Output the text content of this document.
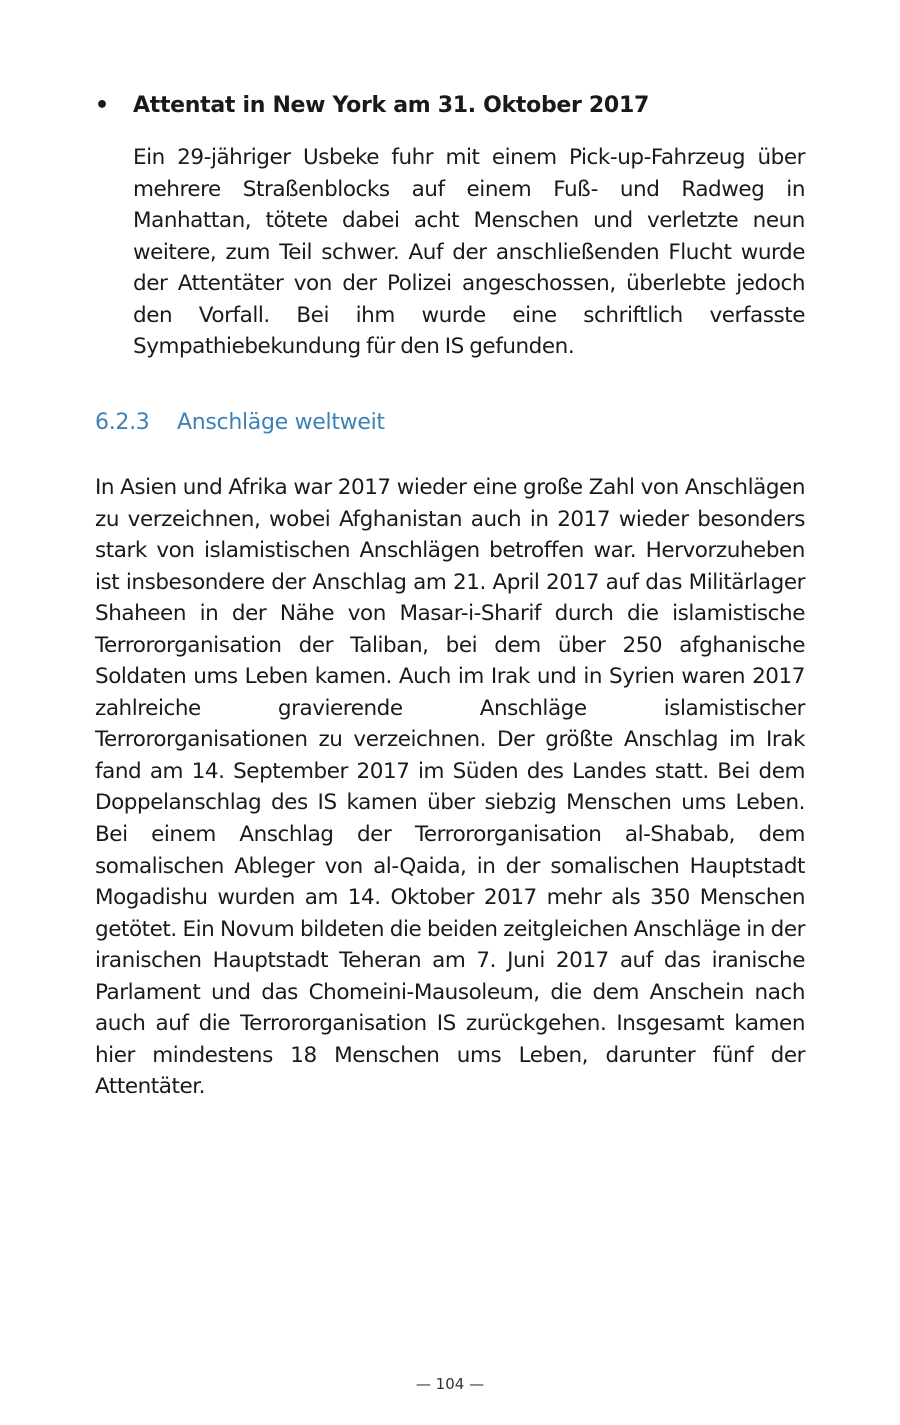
• Attentat in New York am 31. Oktober 2017
Ein 29-jähriger Usbeke fuhr mit einem Pick-up-Fahrzeug über mehrere Straßenblocks auf einem Fuß- und Radweg in Manhattan, tötete dabei acht Menschen und verletzte neun weitere, zum Teil schwer. Auf der anschließenden Flucht wurde der Attentäter von der Polizei angeschossen, überlebte jedoch den Vorfall. Bei ihm wurde eine schriftlich verfasste Sympathiebekundung für den IS gefunden.
6.2.3 Anschläge weltweit
In Asien und Afrika war 2017 wieder eine große Zahl von Anschlägen zu verzeichnen, wobei Afghanistan auch in 2017 wieder besonders stark von islamistischen Anschlägen betroffen war. Hervorzuheben ist insbesondere der Anschlag am 21. April 2017 auf das Militärlager Shaheen in der Nähe von Masar-i-Sharif durch die islamistische Terrororganisation der Taliban, bei dem über 250 afghanische Soldaten ums Leben kamen. Auch im Irak und in Syrien waren 2017 zahlreiche gravierende Anschläge islamistischer Terrororganisationen zu verzeichnen. Der größte Anschlag im Irak fand am 14. September 2017 im Süden des Landes statt. Bei dem Doppelanschlag des IS kamen über siebzig Menschen ums Leben. Bei einem Anschlag der Terrororganisation al-Shabab, dem somalischen Ableger von al-Qaida, in der somalischen Hauptstadt Mogadishu wurden am 14. Oktober 2017 mehr als 350 Menschen getötet. Ein Novum bildeten die beiden zeitgleichen Anschläge in der iranischen Hauptstadt Teheran am 7. Juni 2017 auf das iranische Parlament und das Chomeini-Mausoleum, die dem Anschein nach auch auf die Terrororganisation IS zurückgehen. Insgesamt kamen hier mindestens 18 Menschen ums Leben, darunter fünf der Attentäter.
— 104 —
